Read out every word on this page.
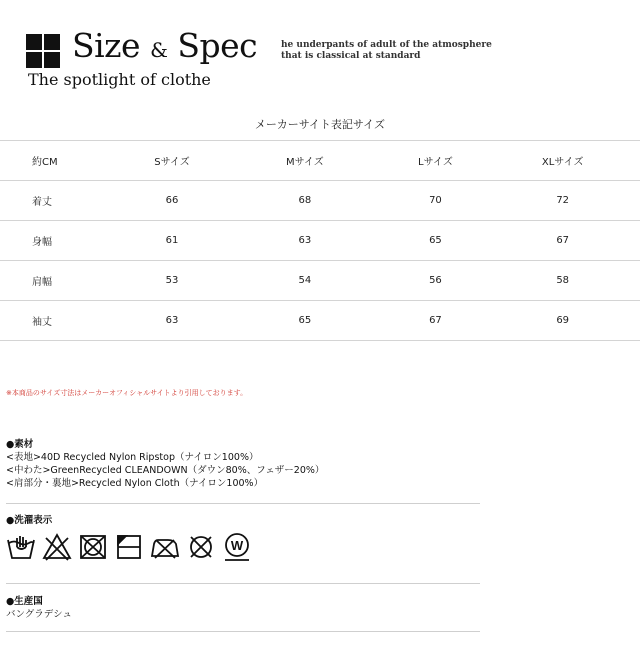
Size & Spec
The spotlight of clothe
he underpants of adult of the atmosphere
that is classical at standard
メーカーサイト表記サイズ
約CM	Sサイズ	Mサイズ	Lサイズ	XLサイズ
着丈	66	68	70	72
身幅	61	63	65	67
肩幅	53	54	56	58
袖丈	63	65	67	69
※本商品のサイズ寸法はメーカーオフィシャルサイトより引用しております。
●素材
<表地>40D Recycled Nylon Ripstop（ナイロン100%）
<中わた>GreenRecycled CLEANDOWN（ダウン80%、フェザー20%）
<肩部分・裏地>Recycled Nylon Cloth（ナイロン100%）
●洗濯表示
W
●生産国
バングラデシュ
